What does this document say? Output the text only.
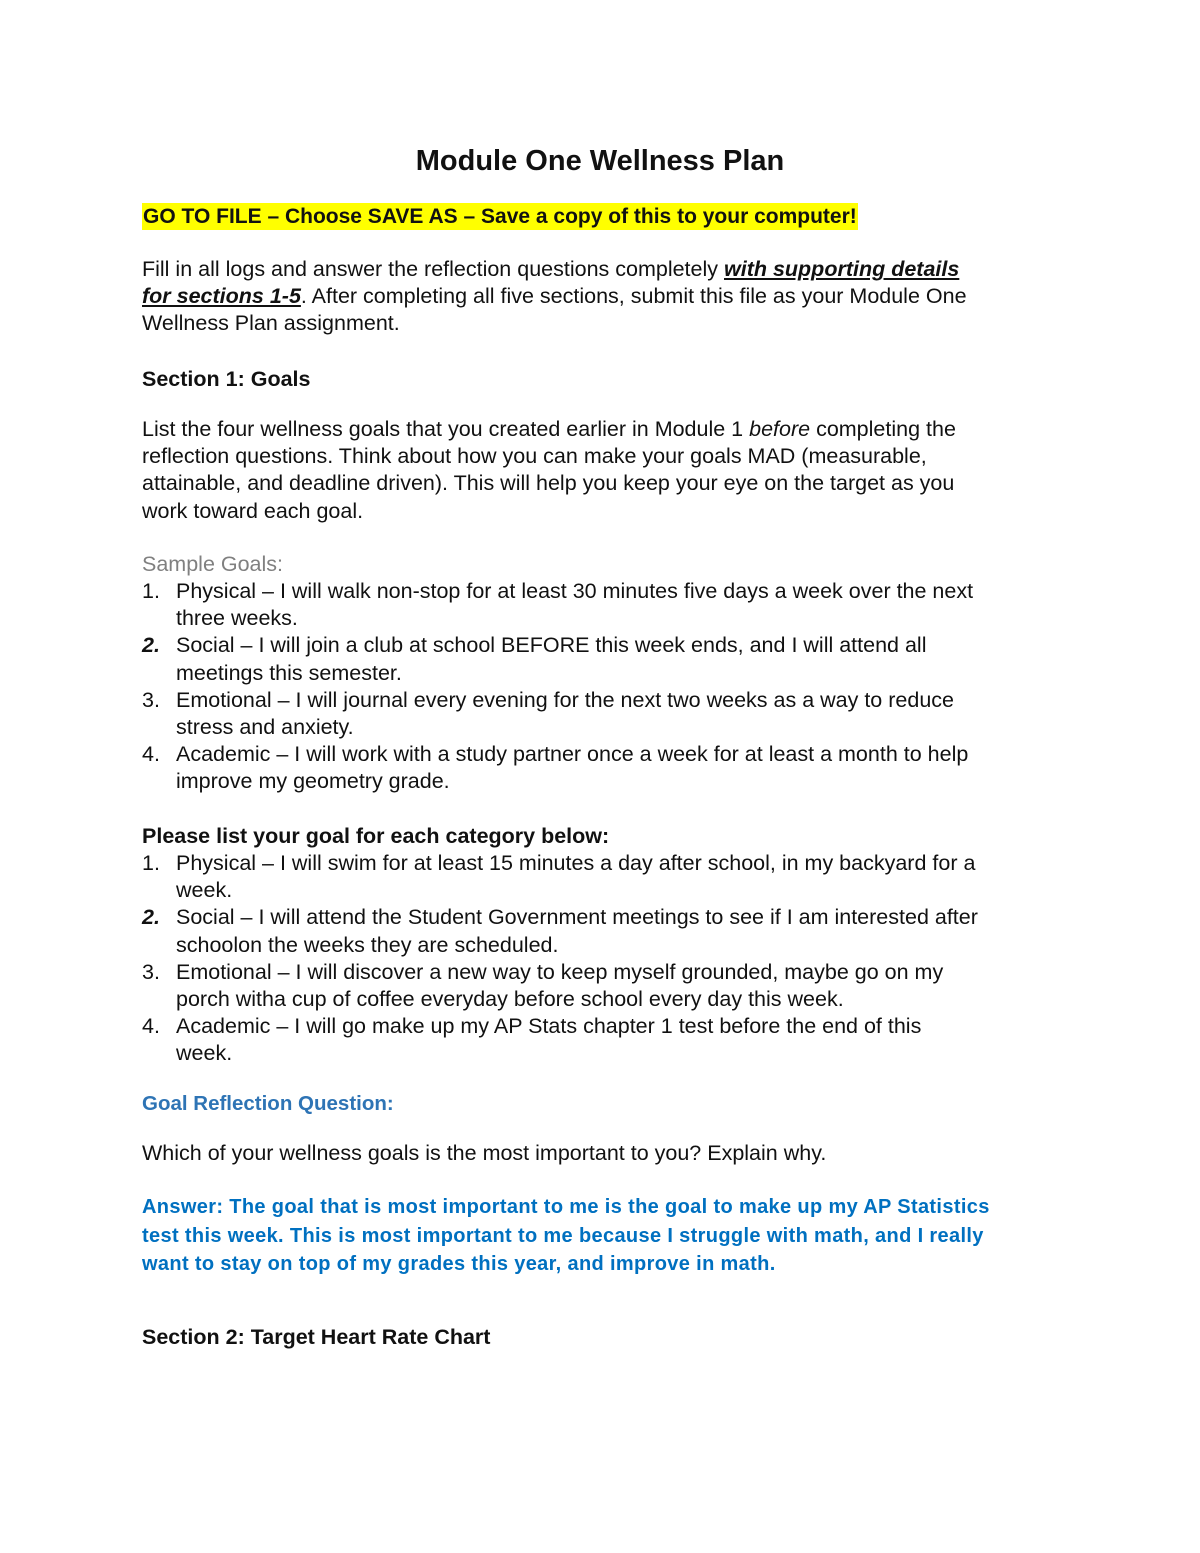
Module One Wellness Plan

GO TO FILE – Choose SAVE AS – Save a copy of this to your computer!

Fill in all logs and answer the reflection questions completely with supporting details
for sections 1-5. After completing all five sections, submit this file as your Module One
Wellness Plan assignment.
Section 1: Goals
List the four wellness goals that you created earlier in Module 1 before completing the
reflection questions. Think about how you can make your goals MAD (measurable,
attainable, and deadline driven). This will help you keep your eye on the target as you
work toward each goal.
Sample Goals:
1. Physical – I will walk non-stop for at least 30 minutes five days a week over the next
three weeks.
2. Social – I will join a club at school BEFORE this week ends, and I will attend all
meetings this semester.
3. Emotional – I will journal every evening for the next two weeks as a way to reduce
stress and anxiety.
4. Academic – I will work with a study partner once a week for at least a month to help
improve my geometry grade.
Please list your goal for each category below:
1. Physical – I will swim for at least 15 minutes a day after school, in my backyard for a
week.
2. Social – I will attend the Student Government meetings to see if I am interested after
schoolon the weeks they are scheduled.
3. Emotional – I will discover a new way to keep myself grounded, maybe go on my
porch witha cup of coffee everyday before school every day this week.
4. Academic – I will go make up my AP Stats chapter 1 test before the end of this
week.
Goal Reflection Question:
Which of your wellness goals is the most important to you? Explain why.
Answer: The goal that is most important to me is the goal to make up my AP Statistics
test this week. This is most important to me because I struggle with math, and I really
want to stay on top of my grades this year, and improve in math.
Section 2: Target Heart Rate Chart
